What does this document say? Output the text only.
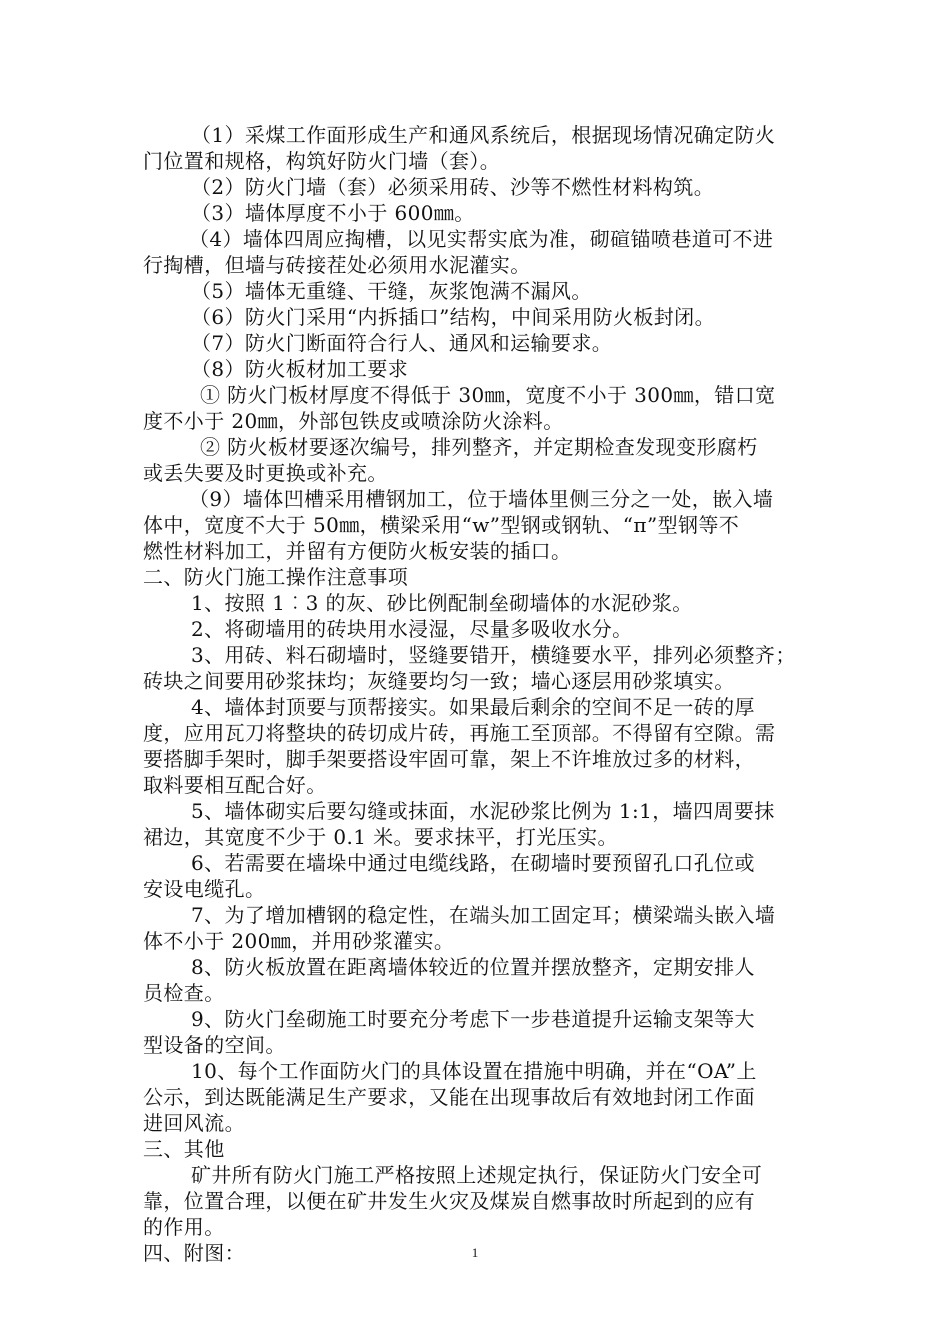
（1）采煤工作面形成生产和通风系统后，根据现场情况确定防火
门位置和规格，构筑好防火门墙（套）。
（2）防火门墙（套）必须采用砖、沙等不燃性材料构筑。
（3）墙体厚度不小于 600㎜。
（4）墙体四周应掏槽，以见实帮实底为准，砌碹锚喷巷道可不进
行掏槽，但墙与砖接茬处必须用水泥灌实。
（5）墙体无重缝、干缝，灰浆饱满不漏风。
（6）防火门采用“内拆插口”结构，中间采用防火板封闭。
（7）防火门断面符合行人、通风和运输要求。
（8）防火板材加工要求
① 防火门板材厚度不得低于 30㎜，宽度不小于 300㎜，错口宽
度不小于 20㎜，外部包铁皮或喷涂防火涂料。
② 防火板材要逐次编号，排列整齐，并定期检查发现变形腐朽
或丢失要及时更换或补充。
（9）墙体凹槽采用槽钢加工，位于墙体里侧三分之一处，嵌入墙
体中，宽度不大于 50㎜，横梁采用“w”型钢或钢轨、“π”型钢等不
燃性材料加工，并留有方便防火板安装的插口。
二、防火门施工操作注意事项
1、按照 1︰3 的灰、砂比例配制垒砌墙体的水泥砂浆。
2、将砌墙用的砖块用水浸湿，尽量多吸收水分。
3、用砖、料石砌墙时，竖缝要错开，横缝要水平，排列必须整齐；
砖块之间要用砂浆抹均；灰缝要均匀一致；墙心逐层用砂浆填实。
4、墙体封顶要与顶帮接实。如果最后剩余的空间不足一砖的厚
度，应用瓦刀将整块的砖切成片砖，再施工至顶部。不得留有空隙。需
要搭脚手架时，脚手架要搭设牢固可靠，架上不许堆放过多的材料，
取料要相互配合好。
5、墙体砌实后要勾缝或抹面，水泥砂浆比例为 1:1，墙四周要抹
裙边，其宽度不少于 0.1 米。要求抹平，打光压实。
6、若需要在墙垛中通过电缆线路，在砌墙时要预留孔口孔位或
安设电缆孔。
7、为了增加槽钢的稳定性，在端头加工固定耳；横梁端头嵌入墙
体不小于 200㎜，并用砂浆灌实。
8、防火板放置在距离墙体较近的位置并摆放整齐，定期安排人
员检查。
9、防火门垒砌施工时要充分考虑下一步巷道提升运输支架等大
型设备的空间。
10、每个工作面防火门的具体设置在措施中明确，并在“OA”上
公示，到达既能满足生产要求，又能在出现事故后有效地封闭工作面
进回风流。
三、其他
矿井所有防火门施工严格按照上述规定执行，保证防火门安全可
靠，位置合理，以便在矿井发生火灾及煤炭自燃事故时所起到的应有
的作用。
四、附图：	1
